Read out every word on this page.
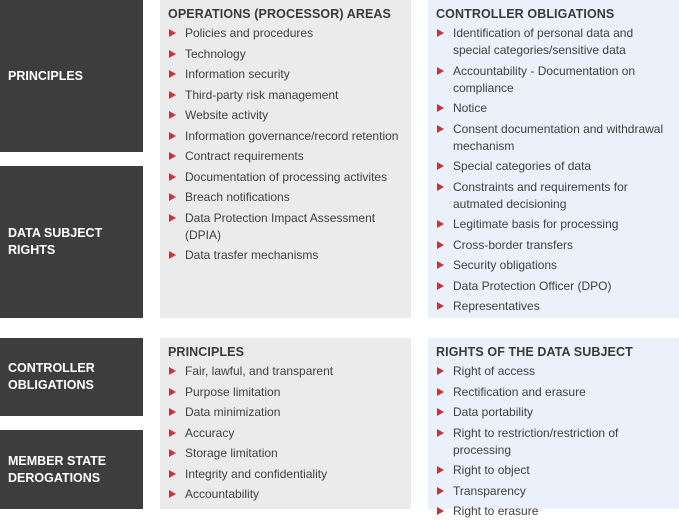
PRINCIPLES
DATA SUBJECT RIGHTS
CONTROLLER OBLIGATIONS
MEMBER STATE DEROGATIONS
OPERATIONS (PROCESSOR) AREAS
Policies and procedures
Technology
Information security
Third-party risk management
Website activity
Information governance/record retention
Contract requirements
Documentation of processing activites
Breach notifications
Data Protection Impact Assessment (DPIA)
Data trasfer mechanisms
CONTROLLER OBLIGATIONS
Identification of personal data and special categories/sensitive data
Accountability - Documentation on compliance
Notice
Consent documentation and withdrawal mechanism
Special categories of data
Constraints and requirements for autmated decisioning
Legitimate basis for processing
Cross-border transfers
Security obligations
Data Protection Officer (DPO)
Representatives
PRINCIPLES
Fair, lawful, and transparent
Purpose limitation
Data minimization
Accuracy
Storage limitation
Integrity and confidentiality
Accountability
RIGHTS OF THE DATA SUBJECT
Right of access
Rectification and erasure
Data portability
Right to restriction/restriction of processing
Right to object
Transparency
Right to erasure
